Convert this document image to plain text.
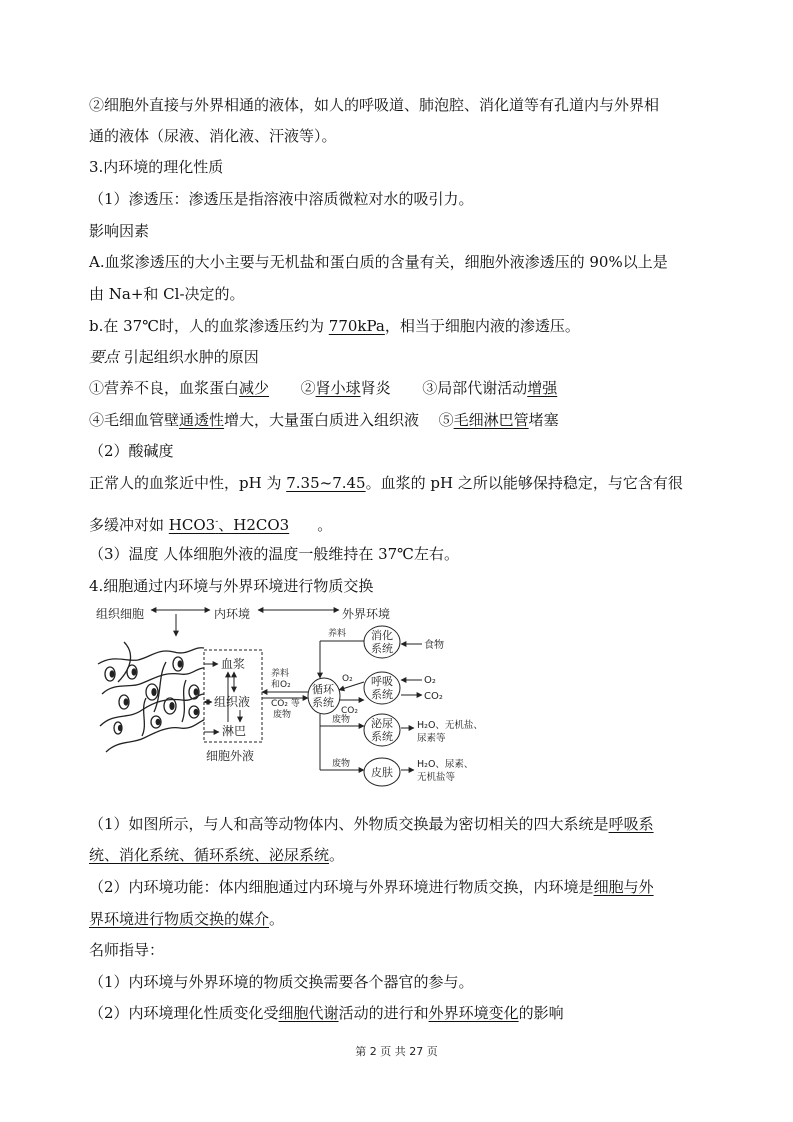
②细胞外直接与外界相通的液体，如人的呼吸道、肺泡腔、消化道等有孔道内与外界相
通的液体（尿液、消化液、汗液等）。
3.内环境的理化性质
（1）渗透压：渗透压是指溶液中溶质微粒对水的吸引力。
影响因素
A.血浆渗透压的大小主要与无机盐和蛋白质的含量有关，细胞外液渗透压的 90%以上是
由 Na+和 Cl-决定的。
b.在 37℃时，人的血浆渗透压约为 770kPa，相当于细胞内液的渗透压。
要点 引起组织水肿的原因
①营养不良，血浆蛋白减少 ②肾小球肾炎 ③局部代谢活动增强
④毛细血管壁通透性增大，大量蛋白质进入组织液 ⑤毛细淋巴管堵塞
（2）酸碱度
正常人的血浆近中性，pH 为 7.35~7.45。血浆的 pH 之所以能够保持稳定，与它含有很
多缓冲对如 HCO3-、H2CO3 。
（3）温度 人体细胞外液的温度一般维持在 37℃左右。
4.细胞通过内环境与外界环境进行物质交换
组织细胞	内环境	外界环境
血浆
组织液
淋巴
细胞外液
养料
和O₂
CO₂ 等
废物
循环
系统
养料
O₂
CO₂
废物
废物
消化
系统
呼吸
系统
泌尿
系统
皮肤
食物
O₂
CO₂
H₂O、无机盐、
尿素等
H₂O、尿素、
无机盐等
（1）如图所示，与人和高等动物体内、外物质交换最为密切相关的四大系统是呼吸系
统、消化系统、循环系统、泌尿系统。
（2）内环境功能：体内细胞通过内环境与外界环境进行物质交换，内环境是细胞与外
界环境进行物质交换的媒介。
名师指导：
（1）内环境与外界环境的物质交换需要各个器官的参与。
（2）内环境理化性质变化受细胞代谢活动的进行和外界环境变化的影响
第 2 页 共 27 页
